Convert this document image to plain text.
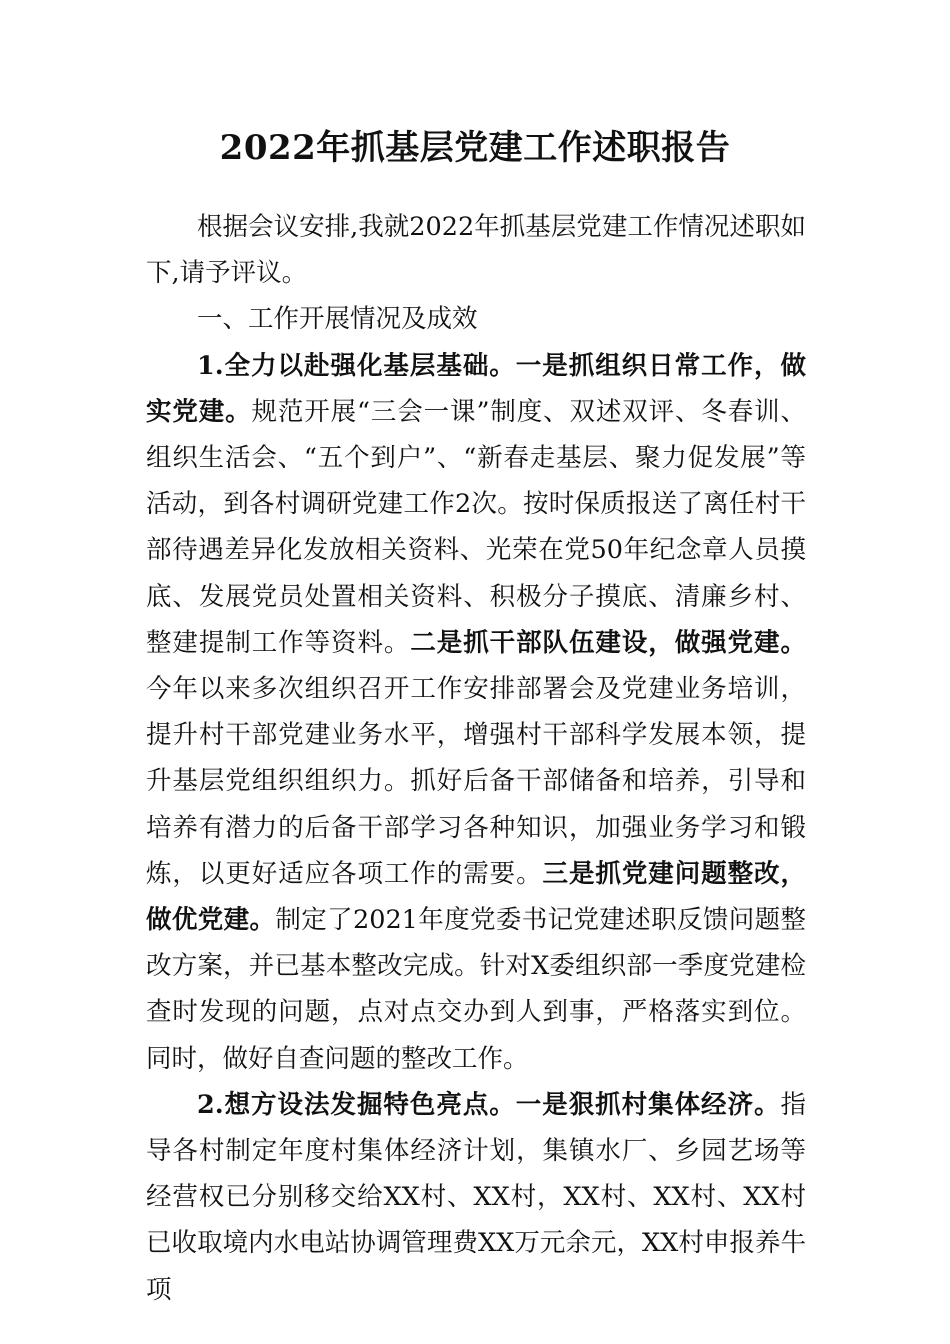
2022年抓基层党建工作述职报告

根据会议安排,我就2022年抓基层党建工作情况述职如下,请予评议。

一、工作开展情况及成效

1.全力以赴强化基层基础。一是抓组织日常工作，做实党建。规范开展“三会一课”制度、双述双评、冬春训、组织生活会、“五个到户”、“新春走基层、聚力促发展”等活动，到各村调研党建工作2次。按时保质报送了离任村干部待遇差异化发放相关资料、光荣在党50年纪念章人员摸底、发展党员处置相关资料、积极分子摸底、清廉乡村、整建提制工作等资料。二是抓干部队伍建设，做强党建。今年以来多次组织召开工作安排部署会及党建业务培训，提升村干部党建业务水平，增强村干部科学发展本领，提升基层党组织组织力。抓好后备干部储备和培养，引导和培养有潜力的后备干部学习各种知识，加强业务学习和锻炼，以更好适应各项工作的需要。三是抓党建问题整改，做优党建。制定了2021年度党委书记党建述职反馈问题整改方案，并已基本整改完成。针对X委组织部一季度党建检查时发现的问题，点对点交办到人到事，严格落实到位。同时，做好自查问题的整改工作。

2.想方设法发掘特色亮点。一是狠抓村集体经济。指导各村制定年度村集体经济计划，集镇水厂、乡园艺场等经营权已分别移交给XX村、XX村，XX村、XX村、XX村已收取境内水电站协调管理费XX万元余元，XX村申报养牛项
